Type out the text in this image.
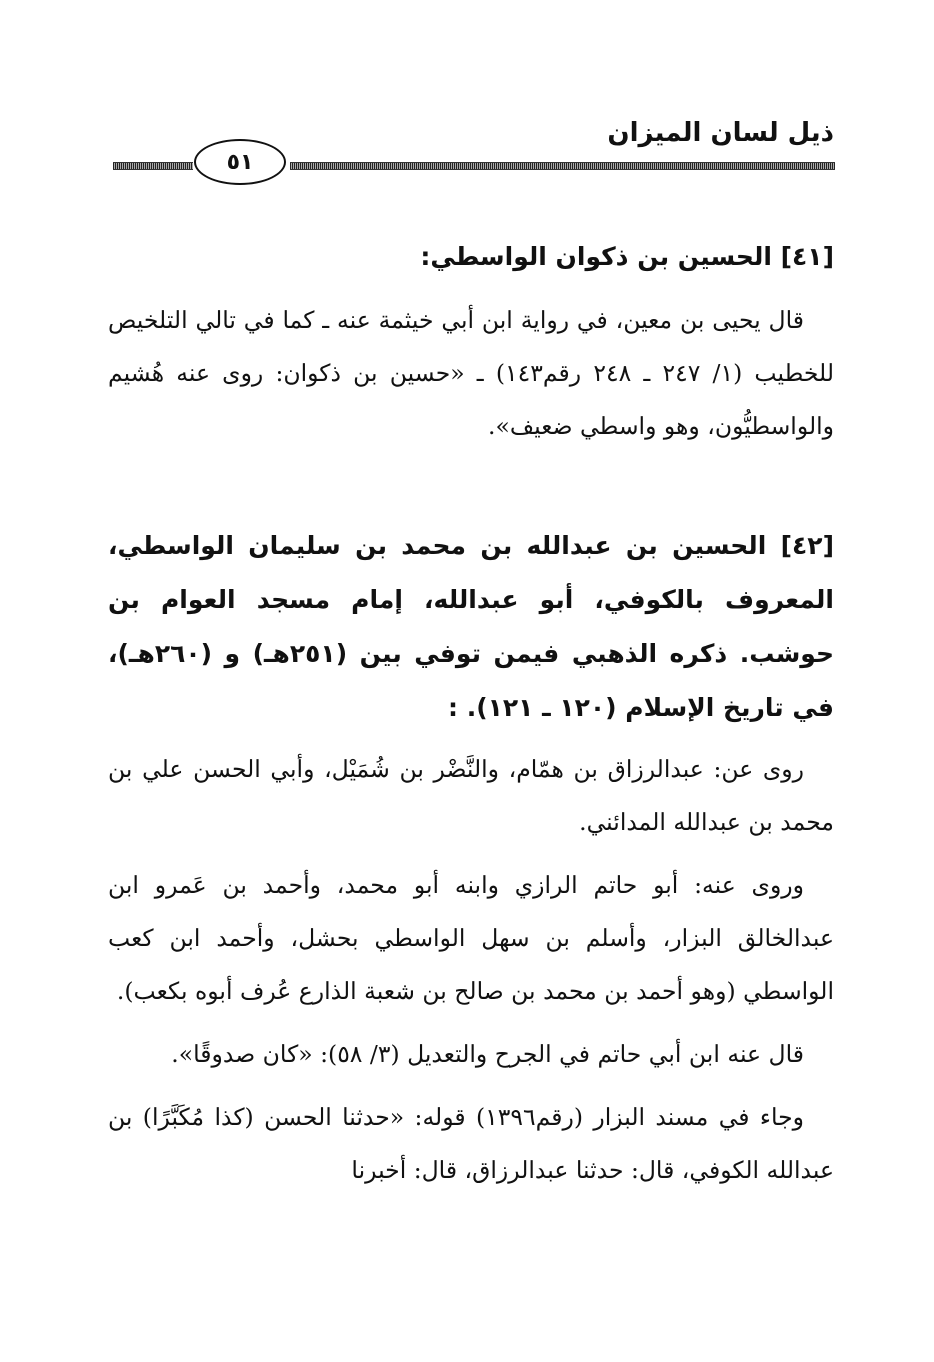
ذيل لسان الميزان
٥١

[٤١] الحسين بن ذكوان الواسطي:

قال يحيى بن معين، في رواية ابن أبي خيثمة عنه ـ كما في تالي التلخيص للخطيب (١/ ٢٤٧ ـ ٢٤٨ رقم١٤٣) ـ «حسين بن ذكوان: روى عنه هُشيم والواسطيُّون، وهو واسطي ضعيف».

[٤٢] الحسين بن عبدالله بن محمد بن سليمان الواسطي، المعروف بالكوفي، أبو عبدالله، إمام مسجد العوام بن حوشب. ذكره الذهبي فيمن توفي بين (٢٥١هـ) و (٢٦٠هـ)، في تاريخ الإسلام (١٢٠ ـ ١٢١). :

روى عن: عبدالرزاق بن همّام، والنَّضْر بن شُمَيْل، وأبي الحسن علي بن محمد بن عبدالله المدائني.

وروى عنه: أبو حاتم الرازي وابنه أبو محمد، وأحمد بن عَمرو ابن عبدالخالق البزار، وأسلم بن سهل الواسطي بحشل، وأحمد ابن كعب الواسطي (وهو أحمد بن محمد بن صالح بن شعبة الذارع عُرف أبوه بكعب).

قال عنه ابن أبي حاتم في الجرح والتعديل (٣/ ٥٨): «كان صدوقًا».

وجاء في مسند البزار (رقم١٣٩٦) قوله: «حدثنا الحسن (كذا مُكَبَّرًا) بن عبدالله الكوفي، قال: حدثنا عبدالرزاق، قال: أخبرنا
